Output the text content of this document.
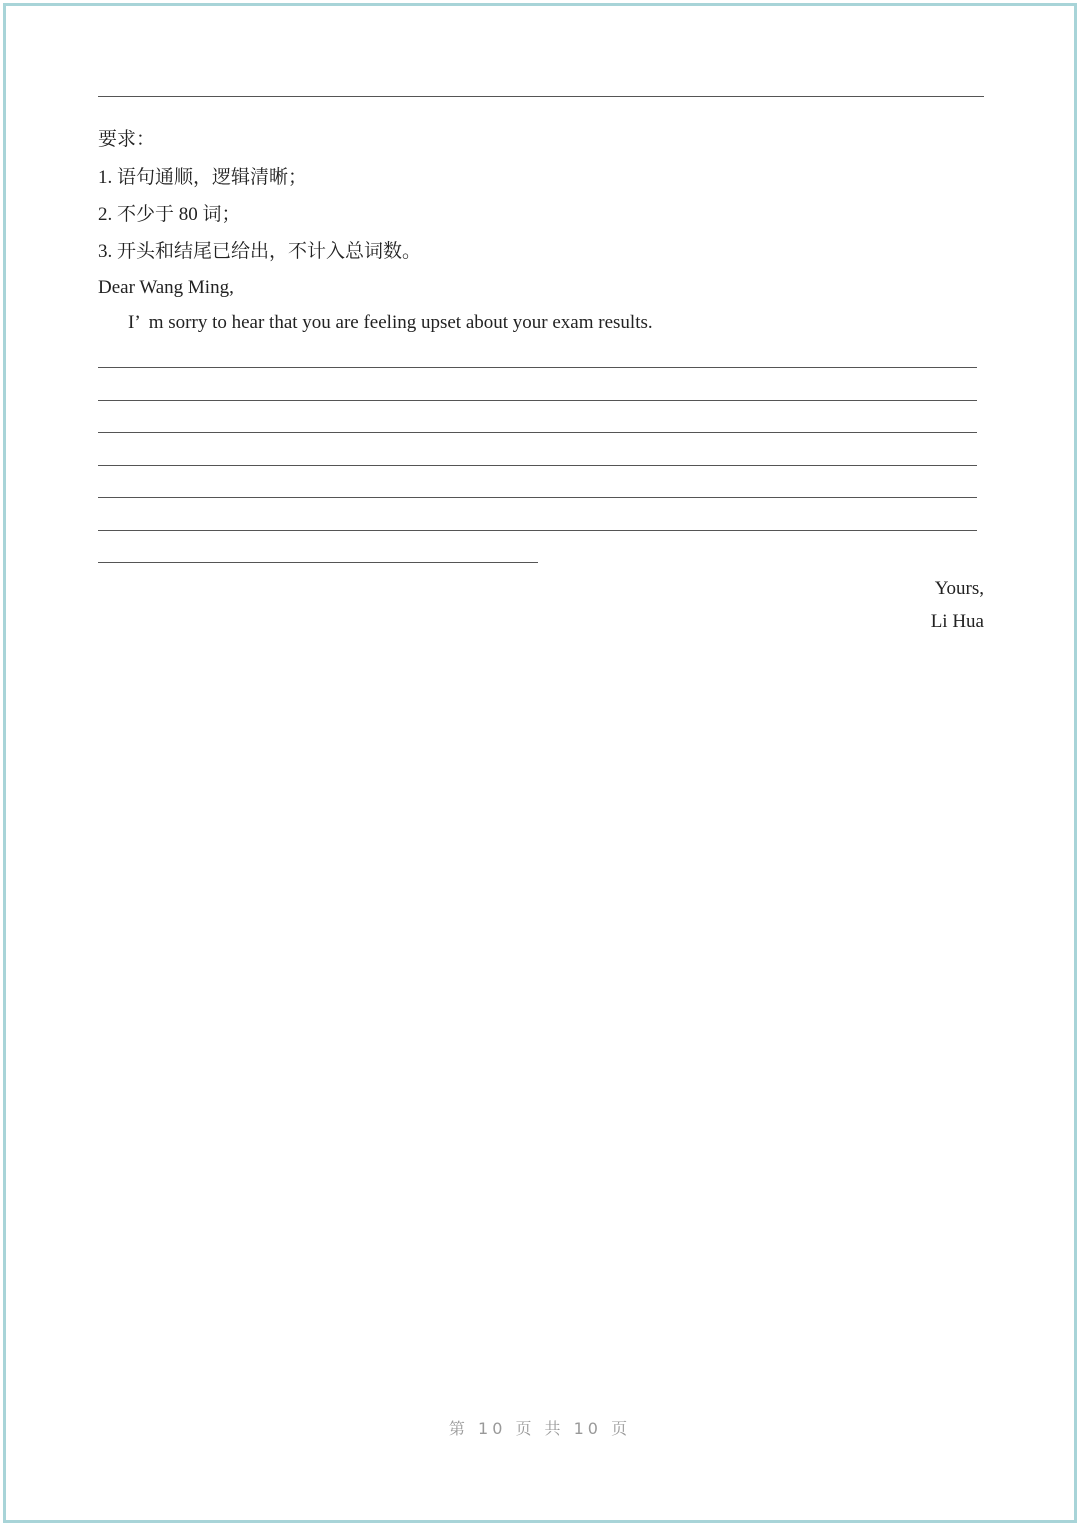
要求：
1. 语句通顺，逻辑清晰；
2. 不少于 80 词；
3. 开头和结尾已给出，不计入总词数。
Dear Wang Ming,
I’  m sorry to hear that you are feeling upset about your exam results.
Yours,
Li Hua
第 10 页 共 10 页
